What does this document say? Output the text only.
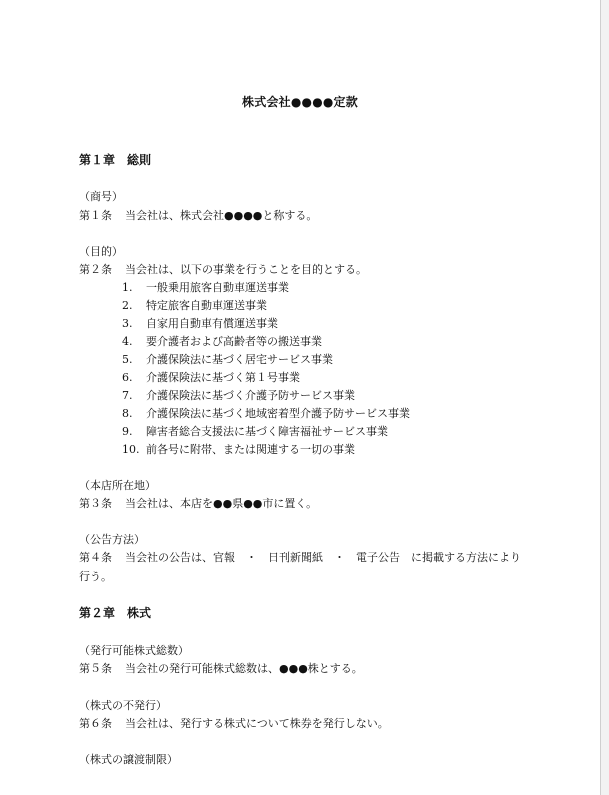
株式会社●●●●定款
第１章　総則
（商号）
第１条 当会社は、株式会社●●●●と称する。
（目的）
第２条 当会社は、以下の事業を行うことを目的とする。
1. 一般乗用旅客自動車運送事業
2. 特定旅客自動車運送事業
3. 自家用自動車有償運送事業
4. 要介護者および高齢者等の搬送事業
5. 介護保険法に基づく居宅サービス事業
6. 介護保険法に基づく第１号事業
7. 介護保険法に基づく介護予防サービス事業
8. 介護保険法に基づく地域密着型介護予防サービス事業
9. 障害者総合支援法に基づく障害福祉サービス事業
10. 前各号に附帯、または関連する一切の事業
（本店所在地）
第３条 当会社は、本店を●●県●●市に置く。
（公告方法）
第４条 当会社の公告は、官報　・　日刊新聞紙　・　電子公告　に掲載する方法により
行う。
第２章　株式
（発行可能株式総数）
第５条 当会社の発行可能株式総数は、●●●株とする。
（株式の不発行）
第６条 当会社は、発行する株式について株券を発行しない。
（株式の譲渡制限）
